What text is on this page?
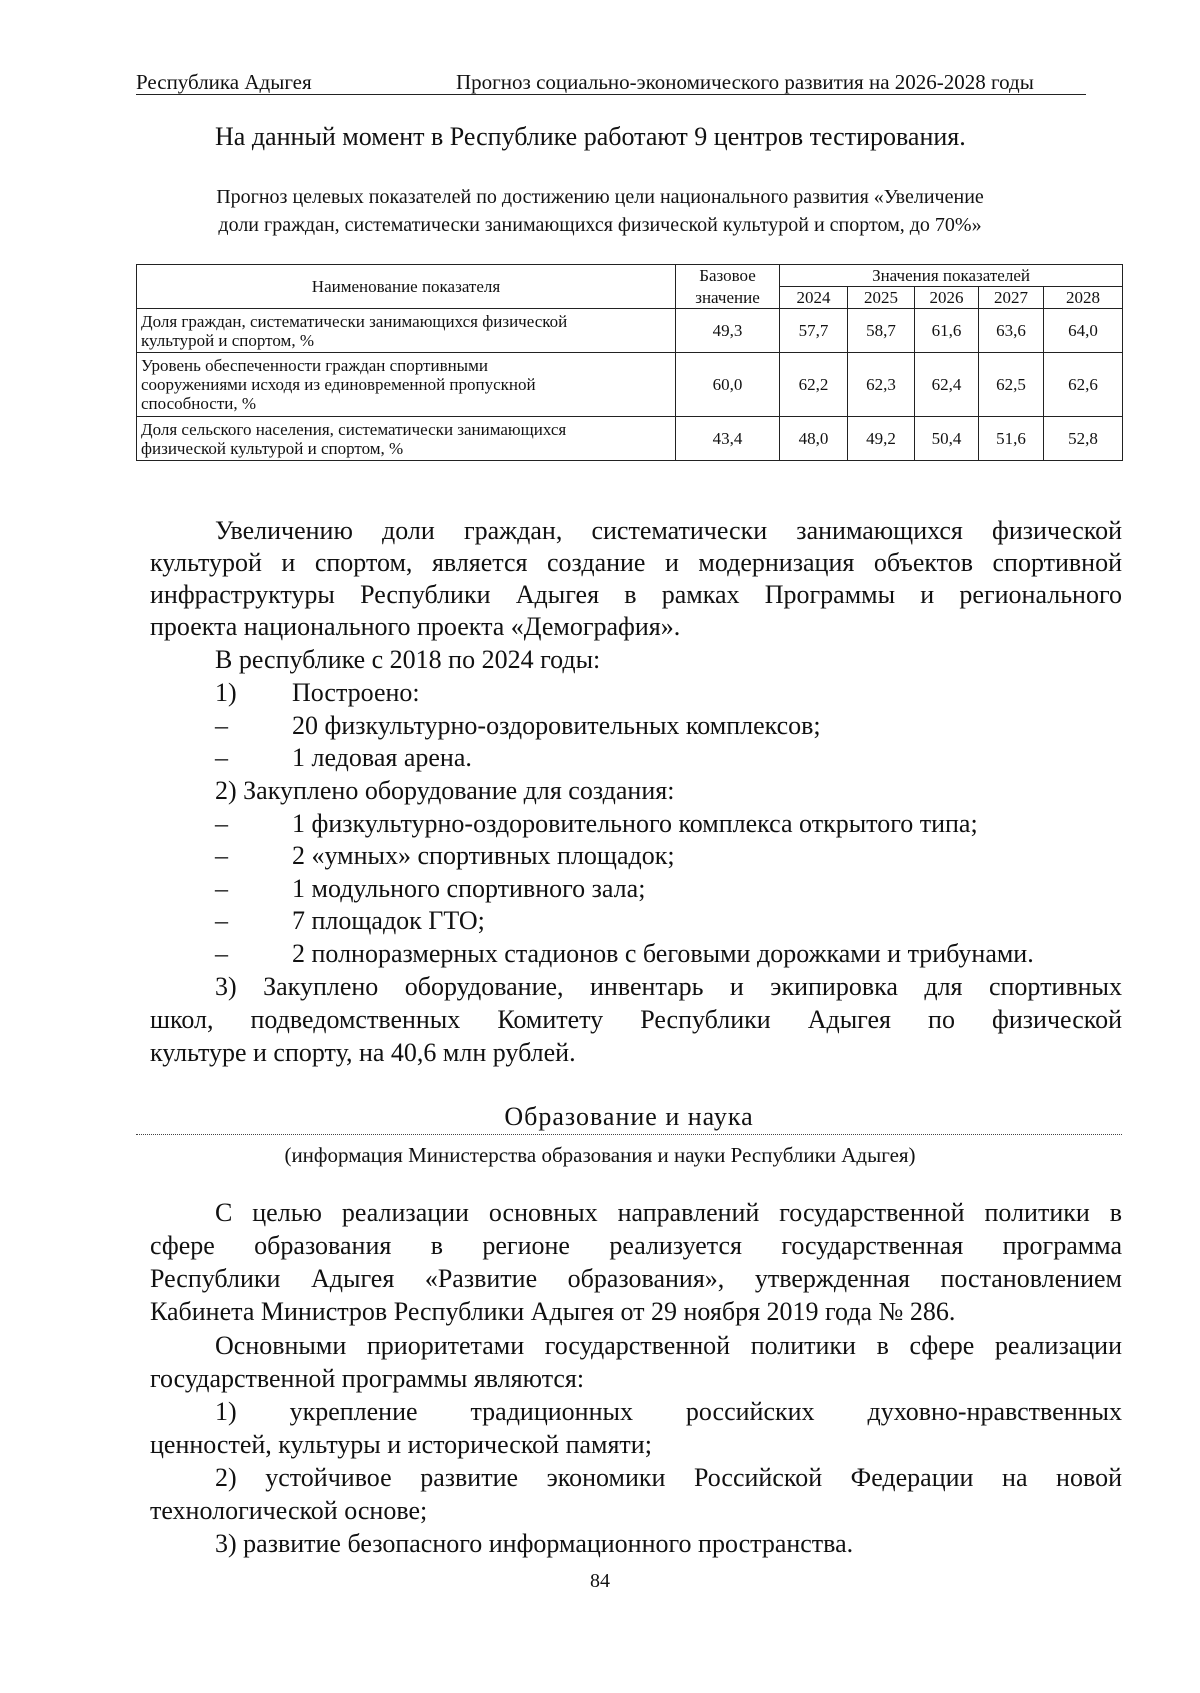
Республика Адыгея	Прогноз социально-экономического развития на 2026-2028 годы
На данный момент в Республике работают 9 центров тестирования.
Прогноз целевых показателей по достижению цели национального развития «Увеличение
доли граждан, систематически занимающихся физической культурой и спортом, до 70%»
Наименование показателя	Базовое	Значения показателей				
	значение	2024	2025	2026	2027	2028

Доля граждан, систематически занимающихся физической
культурой и спортом, %	49,3	57,7	58,7	61,6	63,6	64,0

Уровень обеспеченности граждан спортивными
сооружениями исходя из единовременной пропускной
способности, %	60,0	62,2	62,3	62,4	62,5	62,6

Доля сельского населения, систематически занимающихся
физической культурой и спортом, %	43,4	48,0	49,2	50,4	51,6	52,8
Увеличению доли граждан, систематически занимающихся физической
культурой и спортом, является создание и модернизация объектов спортивной
инфраструктуры Республики Адыгея в рамках Программы и регионального
проекта национального проекта «Демография».
В республике с 2018 по 2024 годы:
1) Построено:
– 20 физкультурно-оздоровительных комплексов;
– 1 ледовая арена.
2) Закуплено оборудование для создания:
– 1 физкультурно-оздоровительного комплекса открытого типа;
– 2 «умных» спортивных площадок;
– 1 модульного спортивного зала;
– 7 площадок ГТО;
– 2 полноразмерных стадионов с беговыми дорожками и трибунами.
3) Закуплено оборудование, инвентарь и экипировка для спортивных
школ, подведомственных Комитету Республики Адыгея по физической
культуре и спорту, на 40,6 млн рублей.
Образование и наука
(информация Министерства образования и науки Республики Адыгея)
С целью реализации основных направлений государственной политики в
сфере образования в регионе реализуется государственная программа
Республики Адыгея «Развитие образования», утвержденная постановлением
Кабинета Министров Республики Адыгея от 29 ноября 2019 года № 286.
Основными приоритетами государственной политики в сфере реализации
государственной программы являются:
1) укрепление традиционных российских духовно-нравственных
ценностей, культуры и исторической памяти;
2) устойчивое развитие экономики Российской Федерации на новой
технологической основе;
3) развитие безопасного информационного пространства.
84
